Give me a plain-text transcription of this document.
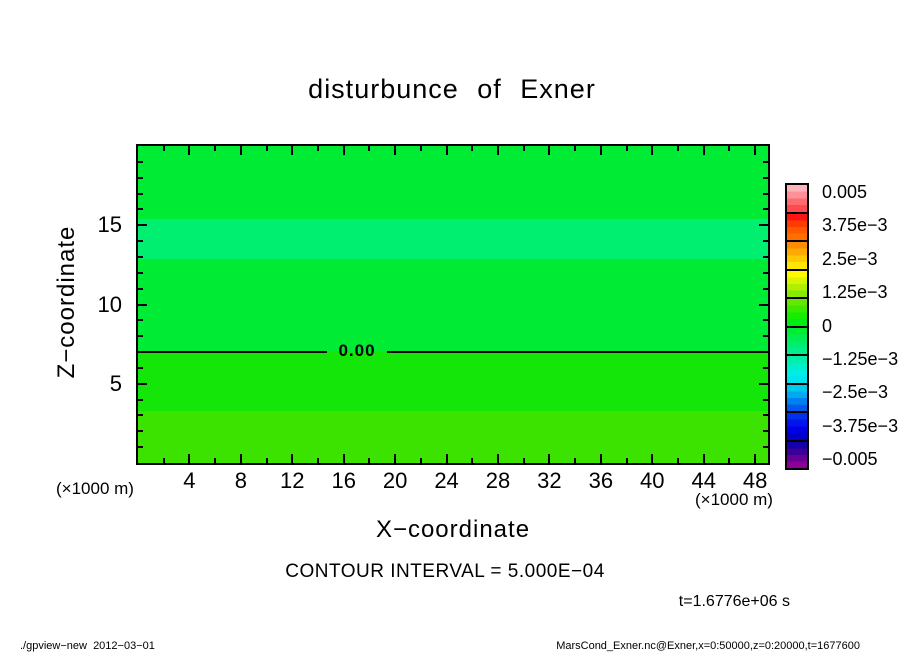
disturbunce of Exner
0.00
5
10
15
4 8 12 16 20 24 28 32 36 40 44 48
(×1000 m)
(×1000 m)
X−coordinate
Z−coordinate
0.005
3.75e−3
2.5e−3
1.25e−3
0
−1.25e−3
−2.5e−3
−3.75e−3
−0.005
CONTOUR INTERVAL = 5.000E−04
t=1.6776e+06 s
./gpview−new  2012−03−01	MarsCond_Exner.nc@Exner,x=0:50000,z=0:20000,t=1677600
